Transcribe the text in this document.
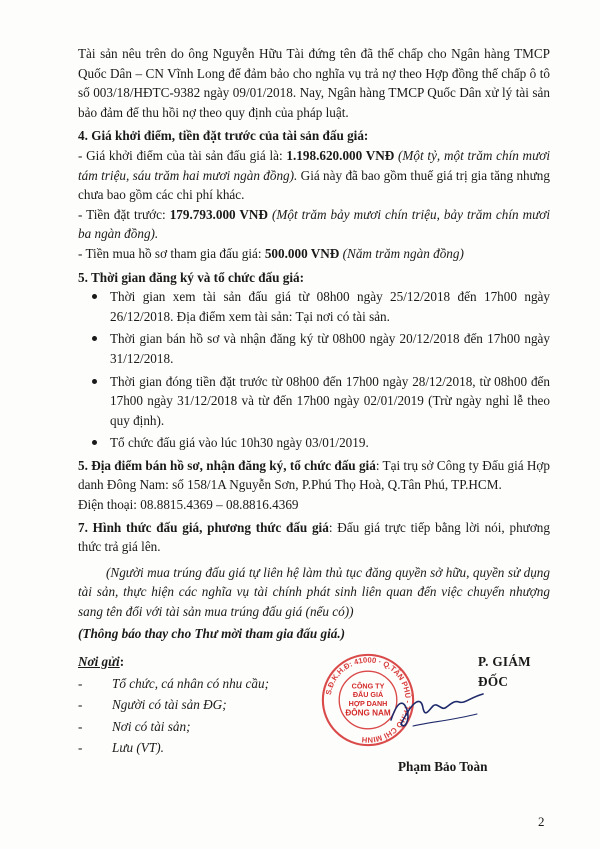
Tài sản nêu trên do ông Nguyễn Hữu Tài đứng tên đã thế chấp cho Ngân hàng TMCP Quốc Dân – CN Vĩnh Long để đảm bảo cho nghĩa vụ trả nợ theo Hợp đồng thế chấp ô tô số 003/18/HĐTC-9382 ngày 09/01/2018. Nay, Ngân hàng TMCP Quốc Dân xử lý tài sản bảo đảm để thu hồi nợ theo quy định của pháp luật.

4. Giá khởi điểm, tiền đặt trước của tài sản đấu giá:

- Giá khởi điểm của tài sản đấu giá là: 1.198.620.000 VNĐ (Một tỷ, một trăm chín mươi tám triệu, sáu trăm hai mươi ngàn đồng). Giá này đã bao gồm thuế giá trị gia tăng nhưng chưa bao gồm các chi phí khác.

- Tiền đặt trước: 179.793.000 VNĐ (Một trăm bảy mươi chín triệu, bảy trăm chín mươi ba ngàn đồng).

- Tiền mua hồ sơ tham gia đấu giá: 500.000 VNĐ (Năm trăm ngàn đồng)

5. Thời gian đăng ký và tổ chức đấu giá:

Thời gian xem tài sản đấu giá từ 08h00 ngày 25/12/2018 đến 17h00 ngày 26/12/2018. Địa điểm xem tài sản: Tại nơi có tài sản.
Thời gian bán hồ sơ và nhận đăng ký từ 08h00 ngày 20/12/2018 đến 17h00 ngày 31/12/2018.
Thời gian đóng tiền đặt trước từ 08h00 đến 17h00 ngày 28/12/2018, từ 08h00 đến 17h00 ngày 31/12/2018 và từ đến 17h00 ngày 02/01/2019 (Trừ ngày nghỉ lễ theo quy định).
Tổ chức đấu giá vào lúc 10h30 ngày 03/01/2019.

5. Địa điểm bán hồ sơ, nhận đăng ký, tổ chức đấu giá: Tại trụ sở Công ty Đấu giá Hợp danh Đông Nam: số 158/1A Nguyễn Sơn, P.Phú Thọ Hoà, Q.Tân Phú, TP.HCM.

Điện thoại: 08.8815.4369 – 08.8816.4369

7. Hình thức đấu giá, phương thức đấu giá: Đấu giá trực tiếp bằng lời nói, phương thức trả giá lên.

(Người mua trúng đấu giá tự liên hệ làm thủ tục đăng quyền sở hữu, quyền sử dụng tài sản, thực hiện các nghĩa vụ tài chính phát sinh liên quan đến việc chuyển nhượng sang tên đổi với tài sản mua trúng đấu giá (nếu có))

(Thông báo thay cho Thư mời tham gia đấu giá.)

Nơi gửi:
-	Tổ chức, cá nhân có nhu cầu;
-	Người có tài sản ĐG;
-	Nơi có tài sản;
-	Lưu (VT).
S.Đ.K.H.Đ: 41000 · Q.TÂN PHÚ - TP.HỒ CHÍ MINH
CÔNG TY
ĐẤU GIÁ
HỢP DANH
ĐÔNG NAM
P. GIÁM ĐỐC
Phạm Bảo Toàn
2
